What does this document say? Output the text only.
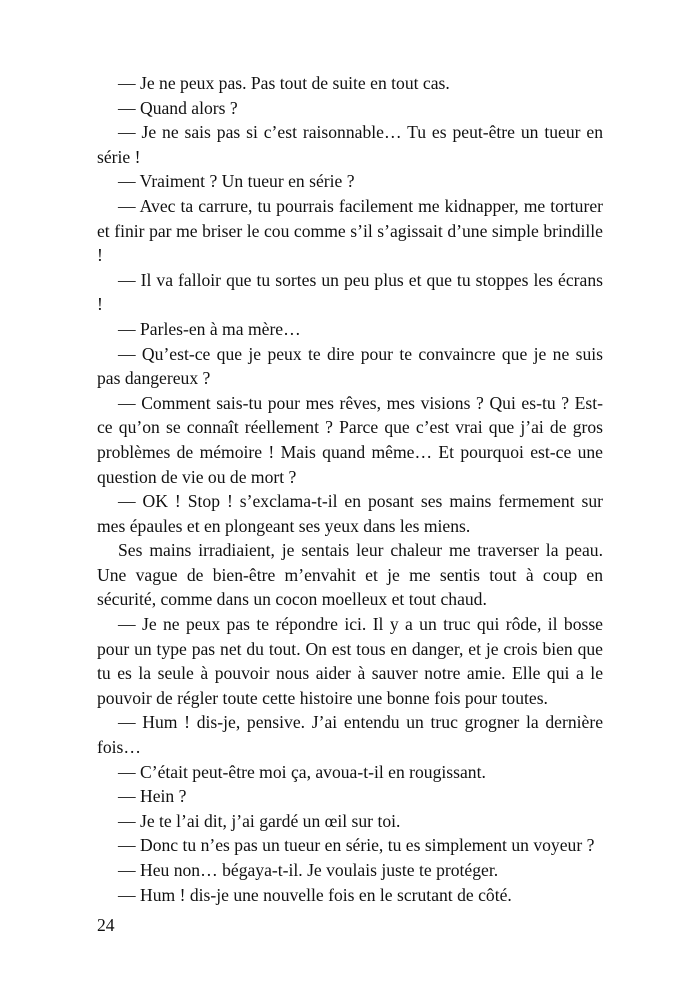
— Je ne peux pas. Pas tout de suite en tout cas.

— Quand alors ?

— Je ne sais pas si c’est raisonnable… Tu es peut-être un tueur en série !

— Vraiment ? Un tueur en série ?

— Avec ta carrure, tu pourrais facilement me kidnapper, me torturer et finir par me briser le cou comme s’il s’agissait d’une simple brindille !

— Il va falloir que tu sortes un peu plus et que tu stoppes les écrans !

— Parles-en à ma mère…

— Qu’est-ce que je peux te dire pour te convaincre que je ne suis pas dangereux ?

— Comment sais-tu pour mes rêves, mes visions ? Qui es-tu ? Est-ce qu’on se connaît réellement ? Parce que c’est vrai que j’ai de gros problèmes de mémoire ! Mais quand même… Et pourquoi est-ce une question de vie ou de mort ?

— OK ! Stop ! s’exclama-t-il en posant ses mains fermement sur mes épaules et en plongeant ses yeux dans les miens.

Ses mains irradiaient, je sentais leur chaleur me traverser la peau. Une vague de bien-être m’envahit et je me sentis tout à coup en sécurité, comme dans un cocon moelleux et tout chaud.

— Je ne peux pas te répondre ici. Il y a un truc qui rôde, il bosse pour un type pas net du tout. On est tous en danger, et je crois bien que tu es la seule à pouvoir nous aider à sauver notre amie. Elle qui a le pouvoir de régler toute cette histoire une bonne fois pour toutes.

— Hum ! dis-je, pensive. J’ai entendu un truc grogner la dernière fois…

— C’était peut-être moi ça, avoua-t-il en rougissant.

— Hein ?

— Je te l’ai dit, j’ai gardé un œil sur toi.

— Donc tu n’es pas un tueur en série, tu es simplement un voyeur ?

— Heu non… bégaya-t-il. Je voulais juste te protéger.

— Hum ! dis-je une nouvelle fois en le scrutant de côté.

24
